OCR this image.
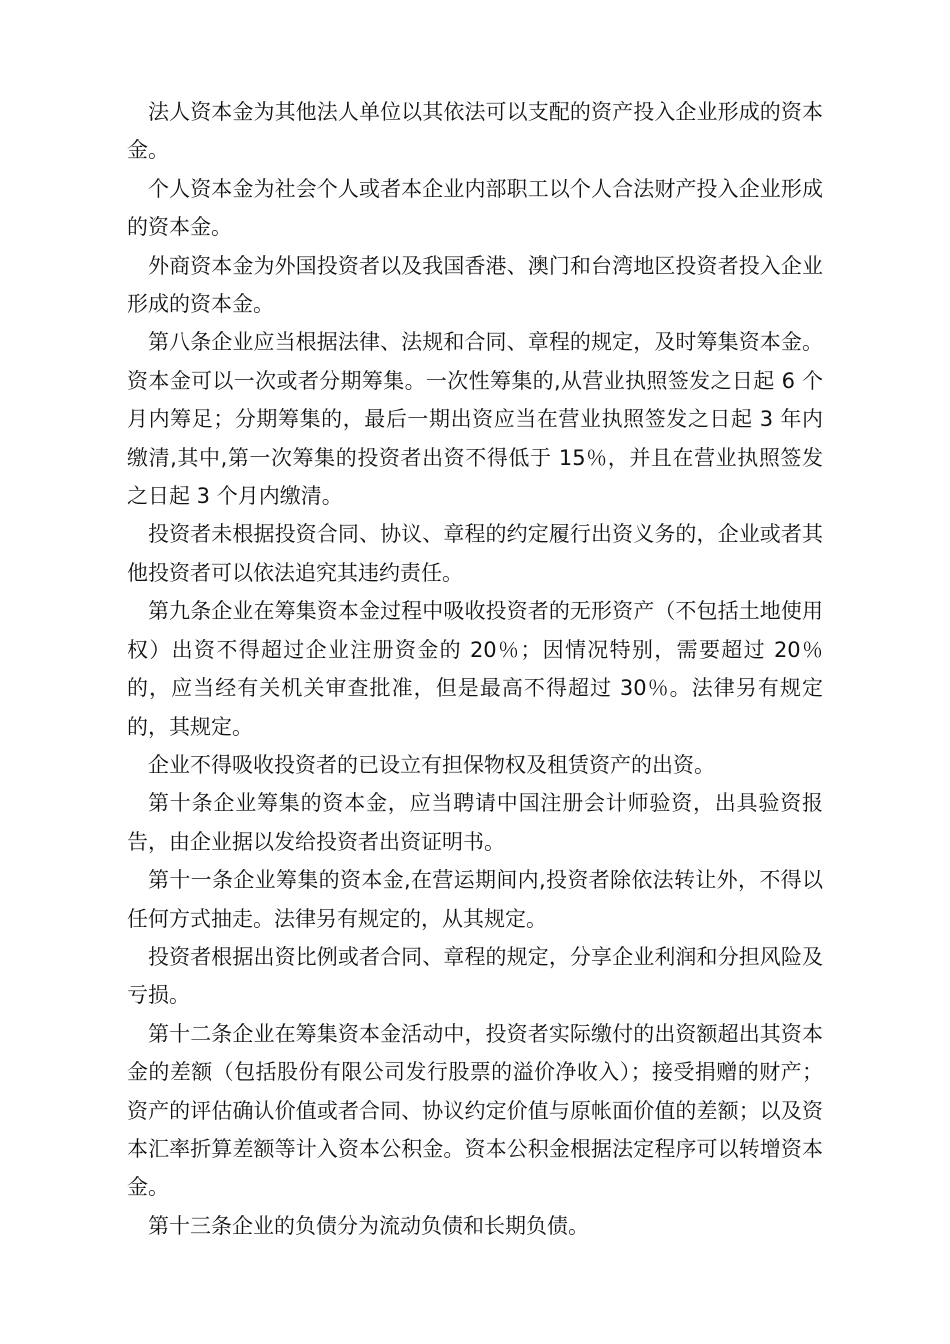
法人资本金为其他法人单位以其依法可以支配的资产投入企业形成的资本金。

个人资本金为社会个人或者本企业内部职工以个人合法财产投入企业形成的资本金。

外商资本金为外国投资者以及我国香港、澳门和台湾地区投资者投入企业形成的资本金。

第八条企业应当根据法律、法规和合同、章程的规定，及时筹集资本金。资本金可以一次或者分期筹集。一次性筹集的,从营业执照签发之日起 6 个月内筹足；分期筹集的，最后一期出资应当在营业执照签发之日起 3 年内缴清,其中,第一次筹集的投资者出资不得低于 15％，并且在营业执照签发之日起 3 个月内缴清。

投资者未根据投资合同、协议、章程的约定履行出资义务的，企业或者其他投资者可以依法追究其违约责任。

第九条企业在筹集资本金过程中吸收投资者的无形资产（不包括土地使用权）出资不得超过企业注册资金的 20％；因情况特别，需要超过 20％的，应当经有关机关审查批准，但是最高不得超过 30％。法律另有规定的，其规定。

企业不得吸收投资者的已设立有担保物权及租赁资产的出资。

第十条企业筹集的资本金，应当聘请中国注册会计师验资，出具验资报告，由企业据以发给投资者出资证明书。

第十一条企业筹集的资本金,在营运期间内,投资者除依法转让外，不得以任何方式抽走。法律另有规定的，从其规定。

投资者根据出资比例或者合同、章程的规定，分享企业利润和分担风险及亏损。

第十二条企业在筹集资本金活动中，投资者实际缴付的出资额超出其资本金的差额（包括股份有限公司发行股票的溢价净收入）；接受捐赠的财产；资产的评估确认价值或者合同、协议约定价值与原帐面价值的差额；以及资本汇率折算差额等计入资本公积金。资本公积金根据法定程序可以转增资本金。

第十三条企业的负债分为流动负债和长期负债。
